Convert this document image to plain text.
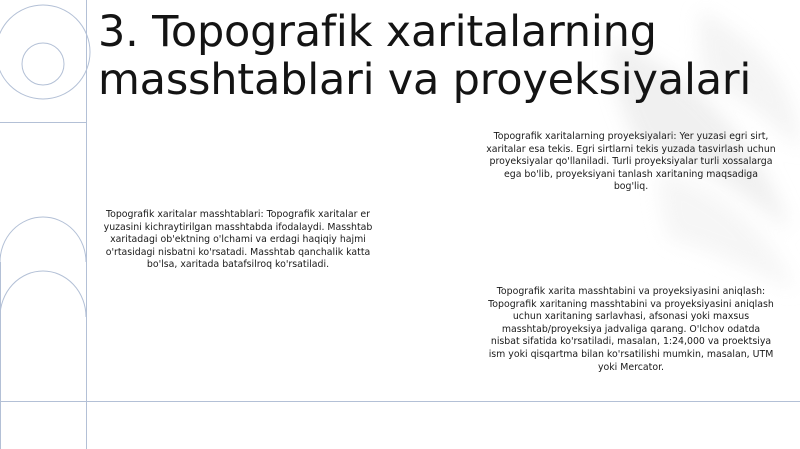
3. Topografik xaritalarning masshtablari va proyeksiyalari

Topografik xaritalarning proyeksiyalari: Yer yuzasi egri sirt, xaritalar esa tekis. Egri sirtlarni tekis yuzada tasvirlash uchun proyeksiyalar qo'llaniladi. Turli proyeksiyalar turli xossalarga ega bo'lib, proyeksiyani tanlash xaritaning maqsadiga bog'liq.

Topografik xaritalar masshtablari: Topografik xaritalar er yuzasini kichraytirilgan masshtabda ifodalaydi. Masshtab xaritadagi ob'ektning o'lchami va erdagi haqiqiy hajmi o'rtasidagi nisbatni ko'rsatadi. Masshtab qanchalik katta bo'lsa, xaritada batafsilroq ko'rsatiladi.

Topografik xarita masshtabini va proyeksiyasini aniqlash: Topografik xaritaning masshtabini va proyeksiyasini aniqlash uchun xaritaning sarlavhasi, afsonasi yoki maxsus masshtab/proyeksiya jadvaliga qarang. O'lchov odatda nisbat sifatida ko'rsatiladi, masalan, 1:24,000 va proektsiya ism yoki qisqartma bilan ko'rsatilishi mumkin, masalan, UTM yoki Mercator.
